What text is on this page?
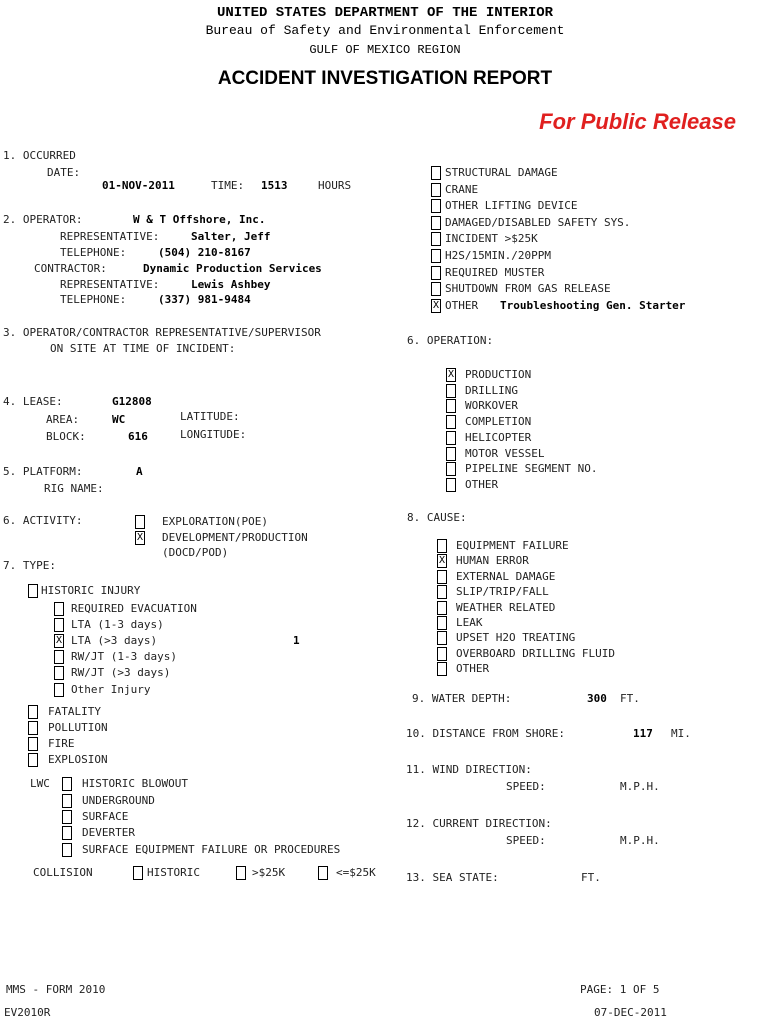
UNITED STATES DEPARTMENT OF THE INTERIOR
Bureau of Safety and Environmental Enforcement
GULF OF MEXICO REGION
ACCIDENT INVESTIGATION REPORT
For Public Release
1. OCCURRED
DATE:
01-NOV-2011	TIME: 1513	HOURS
2. OPERATOR:	W & T Offshore, Inc.
REPRESENTATIVE:	Salter, Jeff
TELEPHONE:	(504) 210-8167
CONTRACTOR:	Dynamic Production Services
REPRESENTATIVE:	Lewis Ashbey
TELEPHONE:	(337) 981-9484
3. OPERATOR/CONTRACTOR REPRESENTATIVE/SUPERVISOR
ON SITE AT TIME OF INCIDENT:
4. LEASE:	G12808
AREA:	WC	LATITUDE:
BLOCK:	616	LONGITUDE:
5. PLATFORM:	A
RIG NAME:
6. ACTIVITY:	EXPLORATION(POE)
X DEVELOPMENT/PRODUCTION
(DOCD/POD)
7. TYPE:
HISTORIC INJURY
REQUIRED EVACUATION
LTA (1-3 days)
X LTA (>3 days)	1
RW/JT (1-3 days)
RW/JT (>3 days)
Other Injury
FATALITY
POLLUTION
FIRE
EXPLOSION
LWC	HISTORIC BLOWOUT
UNDERGROUND
SURFACE
DEVERTER
SURFACE EQUIPMENT FAILURE OR PROCEDURES
COLLISION	HISTORIC	>$25K	<=$25K
STRUCTURAL DAMAGE
CRANE
OTHER LIFTING DEVICE
DAMAGED/DISABLED SAFETY SYS.
INCIDENT >$25K
H2S/15MIN./20PPM
REQUIRED MUSTER
SHUTDOWN FROM GAS RELEASE
X OTHER Troubleshooting Gen. Starter
6. OPERATION:
X PRODUCTION
DRILLING
WORKOVER
COMPLETION
HELICOPTER
MOTOR VESSEL
PIPELINE SEGMENT NO.
OTHER
8. CAUSE:
EQUIPMENT FAILURE
X HUMAN ERROR
EXTERNAL DAMAGE
SLIP/TRIP/FALL
WEATHER RELATED
LEAK
UPSET H2O TREATING
OVERBOARD DRILLING FLUID
OTHER
9. WATER DEPTH:	300 FT.
10. DISTANCE FROM SHORE:	117 MI.
11. WIND DIRECTION:
SPEED:	M.P.H.
12. CURRENT DIRECTION:
SPEED:	M.P.H.
13. SEA STATE:	FT.
MMS - FORM 2010	PAGE: 1 OF 5
EV2010R	07-DEC-2011
